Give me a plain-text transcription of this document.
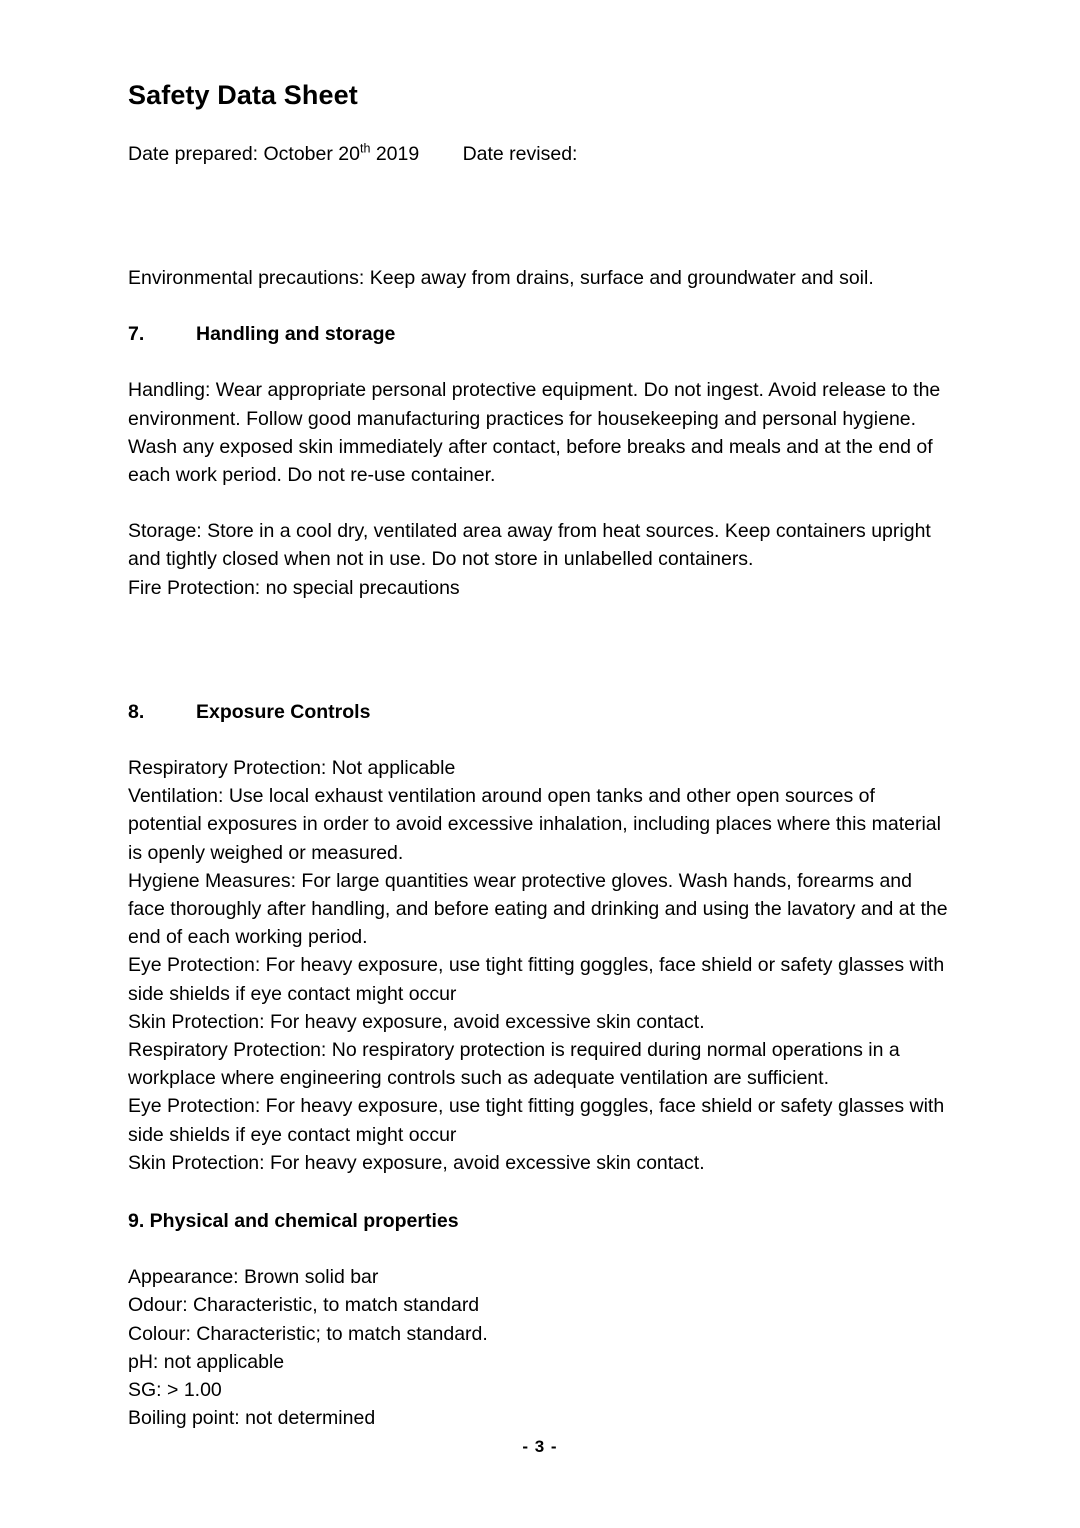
Safety Data Sheet
Date prepared: October 20th 2019 Date revised:

Environmental precautions: Keep away from drains, surface and groundwater and soil.

7.	Handling and storage

Handling: Wear appropriate personal protective equipment. Do not ingest. Avoid release to the environment. Follow good manufacturing practices for housekeeping and personal hygiene. Wash any exposed skin immediately after contact, before breaks and meals and at the end of each work period. Do not re-use container.

Storage: Store in a cool dry, ventilated area away from heat sources. Keep containers upright and tightly closed when not in use. Do not store in unlabelled containers.

Fire Protection: no special precautions

8.	Exposure Controls

Respiratory Protection: Not applicable

Ventilation: Use local exhaust ventilation around open tanks and other open sources of potential exposures in order to avoid excessive inhalation, including places where this material is openly weighed or measured.

Hygiene Measures: For large quantities wear protective gloves. Wash hands, forearms and face thoroughly after handling, and before eating and drinking and using the lavatory and at the end of each working period.

Eye Protection: For heavy exposure, use tight fitting goggles, face shield or safety glasses with side shields if eye contact might occur

Skin Protection: For heavy exposure, avoid excessive skin contact.

Respiratory Protection: No respiratory protection is required during normal operations in a workplace where engineering controls such as adequate ventilation are sufficient.

Eye Protection: For heavy exposure, use tight fitting goggles, face shield or safety glasses with side shields if eye contact might occur

Skin Protection: For heavy exposure, avoid excessive skin contact.

9. Physical and chemical properties

Appearance: Brown solid bar

Odour: Characteristic, to match standard

Colour: Characteristic; to match standard.

pH: not applicable

SG: > 1.00

Boiling point: not determined

- 3 -
